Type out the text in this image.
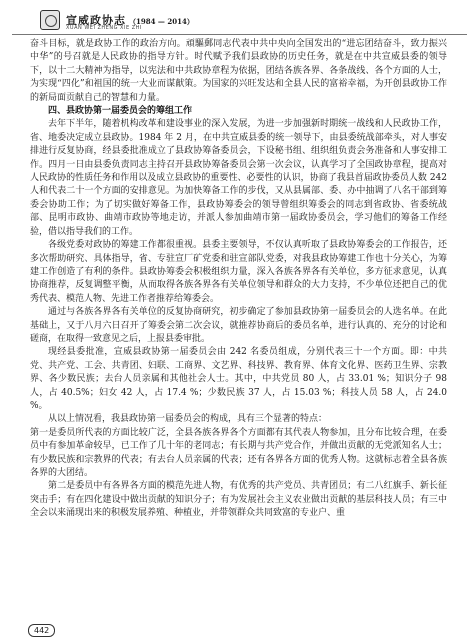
宣威政协志 （1984 — 2014）
XUAN WEI ZHENG XIE ZHI

奋斗目标，就是政协工作的政治方向。頑驅郵同志代表中共中央向全国发出的“进忘团结奋斗，致力振兴中华”的号召就是人民政协的指导方针。时代赋予我们县政协的历史任务，就是在中共宣威县委的领导下，以十二大精神为指导，以宪法和中共政协章程为依据，团结各族各界、各条战线、各个方面的人士，为实现“四化”和祖国的统一大业而谋献策。为国家的兴旺发达和全县人民的富裕幸福，为开创县政协工作的新局面贡献自己的智慧和力量。

四、县政协第一届委员会的筹组工作

去年下半年，随着机构改革和建设事业的深入发展，为进一步加强新时期统一战线和人民政协工作，省、地委决定成立县政协。1984 年 2 月，在中共宣威县委的统一领导下，由县委统战部牵头，对人事安排进行反复协商，经县委批准成立了县政协筹备委员会，下设秘书组、组织组负责会务准备和人事安排工作。四月一日由县委负责同志主持召开县政协筹备委员会第一次会议，认真学习了全国政协章程，提高对人民政协的性质任务和作用以及成立县政协的重要性、必要性的认识，协商了我县首届政协委员人数 242 人和代表二十一个方面的安排意见。为加快筹备工作的步伐，又从县属部、委、办中抽调了八名干部到筹委会协助工作；为了切实做好筹备工作，县政协筹委会的领导曾组织筹委会的同志到省政协、省委统战部、昆明市政协、曲靖市政协等地走访，并派人参加曲靖市第一届政协委员会，学习他们的筹备工作经验，借以指导我们的工作。

各级党委对政协的筹建工作都很重视。县委主要领导，不仅认真听取了县政协筹委会的工作报告，还多次帮助研究、具体指导，省、专驻宣厂矿党委和驻宣部队党委，对我县政协筹建工作也十分关心，为筹建工作创造了有利的条件。县政协筹委会积极组织力量，深入各族各界各有关单位，多方征求意见，认真协商推荐，反复调整平衡，从而取得各族各界各有关单位领导和群众的大力支持，不少单位还把自己的优秀代表、模范人物、先进工作者推荐给筹委会。

通过与各族各界各有关单位的反复协商研究，初步确定了参加县政协第一届委员会的人选名单。在此基础上，又于八月六日召开了筹委会第二次会议，就推荐协商后的委员名单，进行认真的、充分的讨论和磋商，在取得一致意见之后，上报县委审批。

现经县委批准，宣威县政协第一届委员会由 242 名委员组成，分别代表三十一个方面。即：中共党、共产党、工会、共青团、妇联、工商界、文艺界、科技界、教育界、体育文化界、医药卫生界、宗教界、各少数民族；去台人员亲属和其他社会人士。其中，中共党员 80 人，占 33.01 %；知识分子 98 人，占 40.5%；妇女 42 人，占 17.4 %；少数民族 37 人，占 15.03 %；科技人员 58 人，占 24.0 %。

从以上情况看，我县政协第一届委员会的构成，具有三个显著的特点：

第一是委员所代表的方面比较广泛，全县各族各界各个方面都有其代表人物参加，且分布比较合理，在委员中有参加革命较早，已工作了几十年的老同志；有长期与共产党合作，并做出贡献的无党派知名人士；有少数民族和宗教界的代表；有去台人员亲属的代表；还有各界各方面的优秀人物。这就标志着全县各族各界的大团结。

第二是委员中有各界各方面的模范先进人物，有优秀的共产党员、共青团员；有二八红旗手、新长征突击手；有在四化建设中做出贡献的知识分子；有为发展社会主义农业做出贡献的基层科技人员；有三中全会以来涌现出来的积极发展养殖、种植业，并带领群众共同致富的专业户、重

442
